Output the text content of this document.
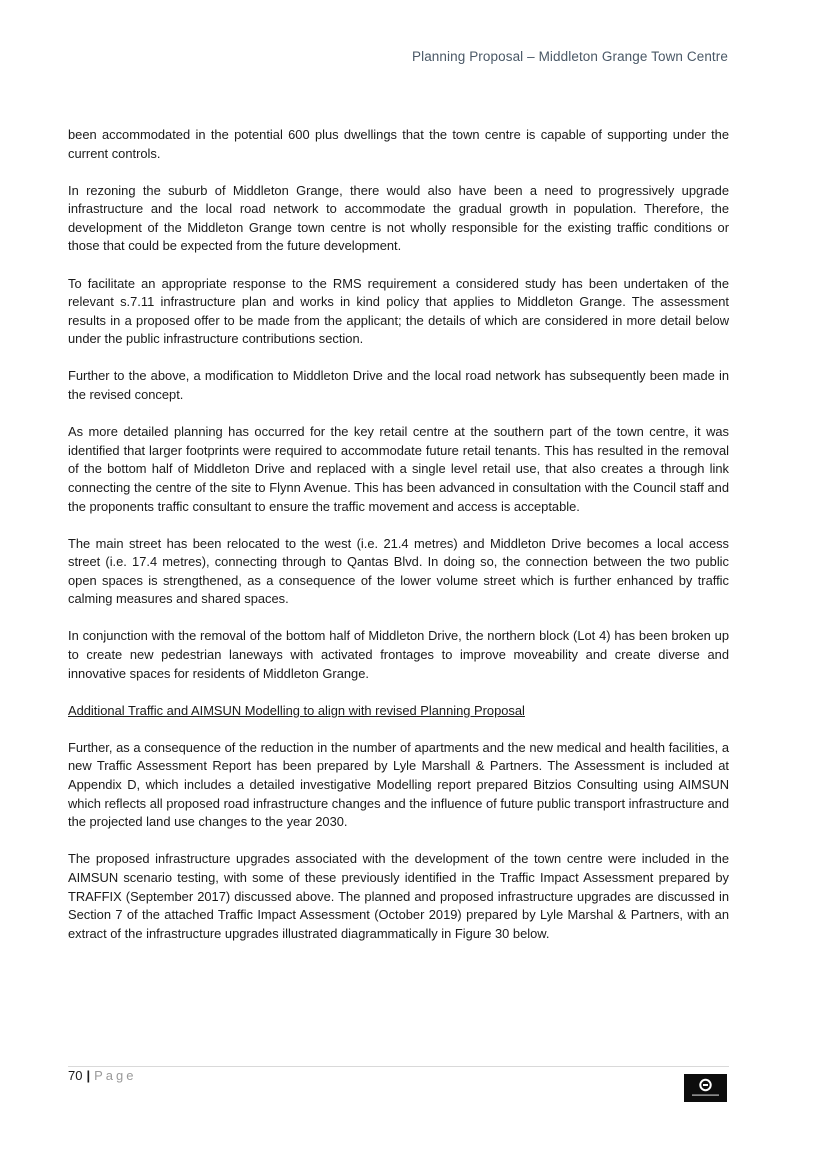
Planning Proposal – Middleton Grange Town Centre

been accommodated in the potential 600 plus dwellings that the town centre is capable of supporting under the current controls.

In rezoning the suburb of Middleton Grange, there would also have been a need to progressively upgrade infrastructure and the local road network to accommodate the gradual growth in population. Therefore, the development of the Middleton Grange town centre is not wholly responsible for the existing traffic conditions or those that could be expected from the future development.

To facilitate an appropriate response to the RMS requirement a considered study has been undertaken of the relevant s.7.11 infrastructure plan and works in kind policy that applies to Middleton Grange. The assessment results in a proposed offer to be made from the applicant; the details of which are considered in more detail below under the public infrastructure contributions section.

Further to the above, a modification to Middleton Drive and the local road network has subsequently been made in the revised concept.

As more detailed planning has occurred for the key retail centre at the southern part of the town centre, it was identified that larger footprints were required to accommodate future retail tenants. This has resulted in the removal of the bottom half of Middleton Drive and replaced with a single level retail use, that also creates a through link connecting the centre of the site to Flynn Avenue. This has been advanced in consultation with the Council staff and the proponents traffic consultant to ensure the traffic movement and access is acceptable.

The main street has been relocated to the west (i.e. 21.4 metres) and Middleton Drive becomes a local access street (i.e. 17.4 metres), connecting through to Qantas Blvd. In doing so, the connection between the two public open spaces is strengthened, as a consequence of the lower volume street which is further enhanced by traffic calming measures and shared spaces.

In conjunction with the removal of the bottom half of Middleton Drive, the northern block (Lot 4) has been broken up to create new pedestrian laneways with activated frontages to improve moveability and create diverse and innovative spaces for residents of Middleton Grange.

Additional Traffic and AIMSUN Modelling to align with revised Planning Proposal

Further, as a consequence of the reduction in the number of apartments and the new medical and health facilities, a new Traffic Assessment Report has been prepared by Lyle Marshall & Partners. The Assessment is included at Appendix D, which includes a detailed investigative Modelling report prepared Bitzios Consulting using AIMSUN which reflects all proposed road infrastructure changes and the influence of future public transport infrastructure and the projected land use changes to the year 2030.

The proposed infrastructure upgrades associated with the development of the town centre were included in the AIMSUN scenario testing, with some of these previously identified in the Traffic Impact Assessment prepared by TRAFFIX (September 2017) discussed above. The planned and proposed infrastructure upgrades are discussed in Section 7 of the attached Traffic Impact Assessment (October 2019) prepared by Lyle Marshal & Partners, with an extract of the infrastructure upgrades illustrated diagrammatically in Figure 30 below.

70 | Page
